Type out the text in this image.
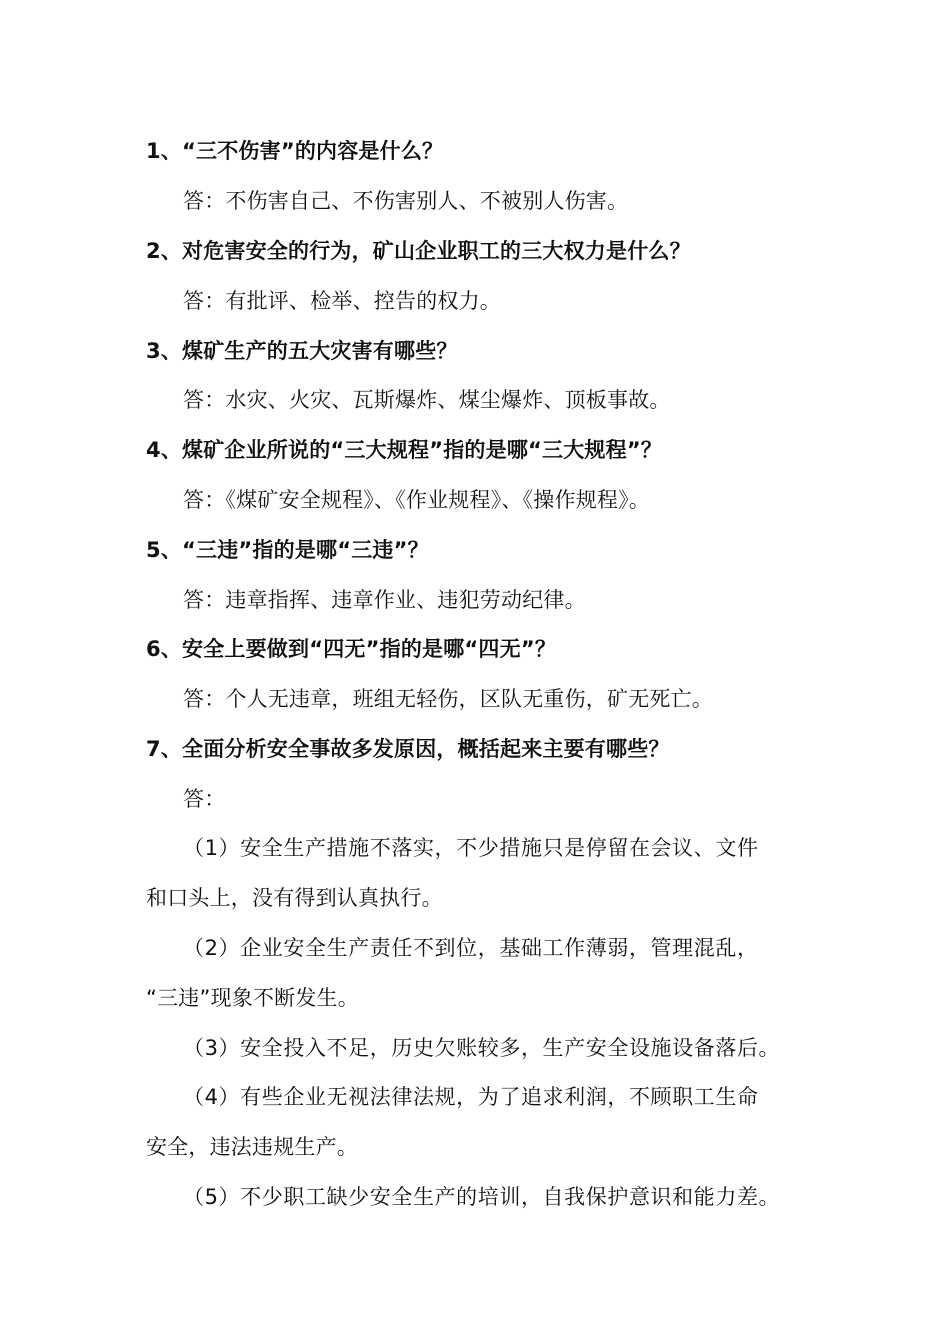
1、“三不伤害”的内容是什么？
答：不伤害自己、不伤害别人、不被别人伤害。
2、对危害安全的行为，矿山企业职工的三大权力是什么？
答：有批评、检举、控告的权力。
3、煤矿生产的五大灾害有哪些？
答：水灾、火灾、瓦斯爆炸、煤尘爆炸、顶板事故。
4、煤矿企业所说的“三大规程”指的是哪“三大规程”？
答：《煤矿安全规程》、《作业规程》、《操作规程》。
5、“三违”指的是哪“三违”？
答：违章指挥、违章作业、违犯劳动纪律。
6、安全上要做到“四无”指的是哪“四无”？
答：个人无违章，班组无轻伤，区队无重伤，矿无死亡。
7、全面分析安全事故多发原因，概括起来主要有哪些？
答：
（1）安全生产措施不落实，不少措施只是停留在会议、文件
和口头上，没有得到认真执行。
（2）企业安全生产责任不到位，基础工作薄弱，管理混乱，
“三违”现象不断发生。
（3）安全投入不足，历史欠账较多，生产安全设施设备落后。
（4）有些企业无视法律法规，为了追求利润，不顾职工生命
安全，违法违规生产。
（5）不少职工缺少安全生产的培训，自我保护意识和能力差。
